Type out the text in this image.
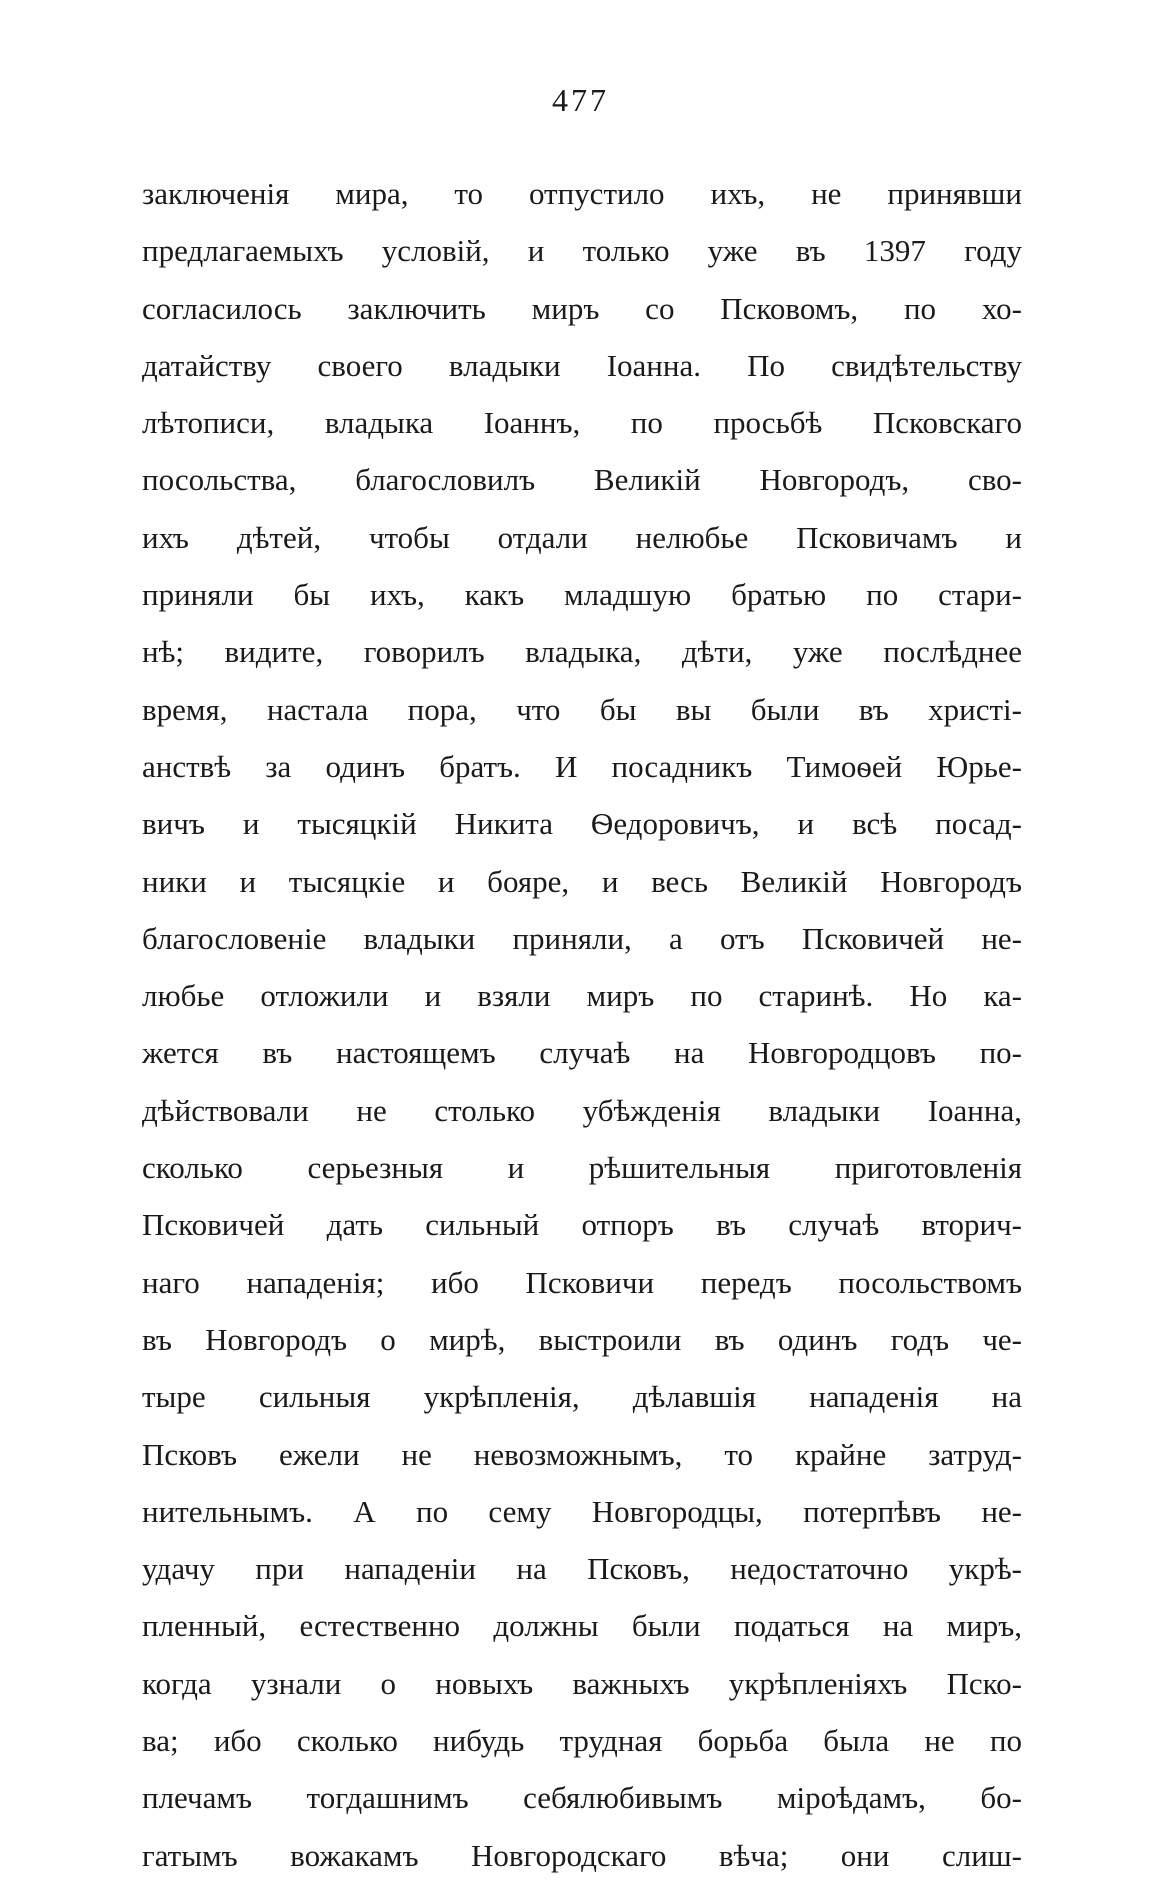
477
заключенія мира, то отпустило ихъ, не принявши
предлагаемыхъ условій, и только уже въ 1397 году
согласилось заключить миръ со Псковомъ, по хо-
датайству своего владыки Іоанна. По свидѣтельству
лѣтописи, владыка Іоаннъ, по просьбѣ Псковскаго
посольства, благословилъ Великій Новгородъ, сво-
ихъ дѣтей, чтобы отдали нелюбье Псковичамъ и
приняли бы ихъ, какъ младшую братью по стари-
нѣ; видите, говорилъ владыка, дѣти, уже послѣднее
время, настала пора, что бы вы были въ христі-
анствѣ за одинъ братъ. И посадникъ Тимоѳей Юрье-
вичъ и тысяцкій Никита Ѳедоровичъ, и всѣ посад-
ники и тысяцкіе и бояре, и весь Великій Новгородъ
благословеніе владыки приняли, а отъ Псковичей не-
любье отложили и взяли миръ по старинѣ. Но ка-
жется въ настоящемъ случаѣ на Новгородцовъ по-
дѣйствовали не столько убѣжденія владыки Іоанна,
сколько серьезныя и рѣшительныя приготовленія
Псковичей дать сильный отпоръ въ случаѣ вторич-
наго нападенія; ибо Псковичи передъ посольствомъ
въ Новгородъ о мирѣ, выстроили въ одинъ годъ че-
тыре сильныя укрѣпленія, дѣлавшія нападенія на
Псковъ ежели не невозможнымъ, то крайне затруд-
нительнымъ. А по сему Новгородцы, потерпѣвъ не-
удачу при нападеніи на Псковъ, недостаточно укрѣ-
пленный, естественно должны были податься на миръ,
когда узнали о новыхъ важныхъ укрѣпленіяхъ Пско-
ва; ибо сколько нибудь трудная борьба была не по
плечамъ тогдашнимъ себялюбивымъ міроѣдамъ, бо-
гатымъ вожакамъ Новгородскаго вѣча; они слиш-
